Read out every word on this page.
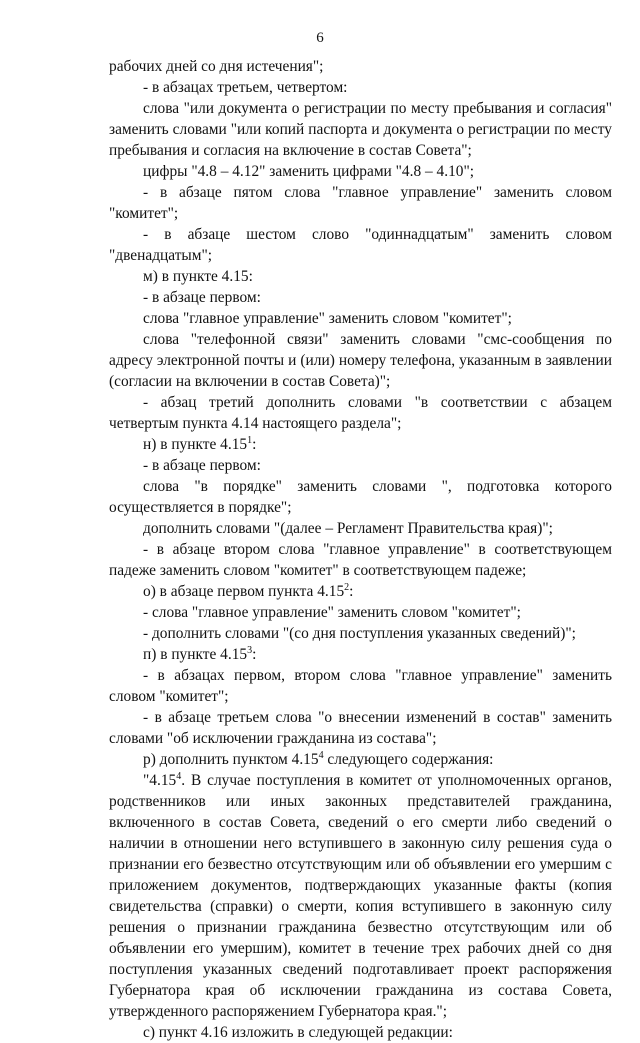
6

рабочих дней со дня истечения";

- в абзацах третьем, четвертом:

слова "или документа о регистрации по месту пребывания и согласия" заменить словами "или копий паспорта и документа о регистрации по месту пребывания и согласия на включение в состав Совета";

цифры "4.8 – 4.12" заменить цифрами "4.8 – 4.10";

- в абзаце пятом слова "главное управление" заменить словом "комитет";

- в абзаце шестом слово "одиннадцатым" заменить словом "двенадцатым";

м) в пункте 4.15:

- в абзаце первом:

слова "главное управление" заменить словом "комитет";

слова "телефонной связи" заменить словами "смс-сообщения по адресу электронной почты и (или) номеру телефона, указанным в заявлении (согласии на включении в состав Совета)";

- абзац третий дополнить словами "в соответствии с абзацем четвертым пункта 4.14 настоящего раздела";

н) в пункте 4.15$^1$:

- в абзаце первом:

слова "в порядке" заменить словами ", подготовка которого осуществляется в порядке";

дополнить словами "(далее – Регламент Правительства края)";

- в абзаце втором слова "главное управление" в соответствующем падеже заменить словом "комитет" в соответствующем падеже;

о) в абзаце первом пункта 4.15$^2$:

- слова "главное управление" заменить словом "комитет";

- дополнить словами "(со дня поступления указанных сведений)";

п) в пункте 4.15$^3$:

- в абзацах первом, втором слова "главное управление" заменить словом "комитет";

- в абзаце третьем слова "о внесении изменений в состав" заменить словами "об исключении гражданина из состава";

р) дополнить пунктом 4.15$^4$ следующего содержания:

"4.15$^4$. В случае поступления в комитет от уполномоченных органов, родственников или иных законных представителей гражданина, включенного в состав Совета, сведений о его смерти либо сведений о наличии в отношении него вступившего в законную силу решения суда о признании его безвестно отсутствующим или об объявлении его умершим с приложением документов, подтверждающих указанные факты (копия свидетельства (справки) о смерти, копия вступившего в законную силу решения о признании гражданина безвестно отсутствующим или об объявлении его умершим), комитет в течение трех рабочих дней со дня поступления указанных сведений подготавливает проект распоряжения Губернатора края об исключении гражданина из состава Совета, утвержденного распоряжением Губернатора края.";

с) пункт 4.16 изложить в следующей редакции:
